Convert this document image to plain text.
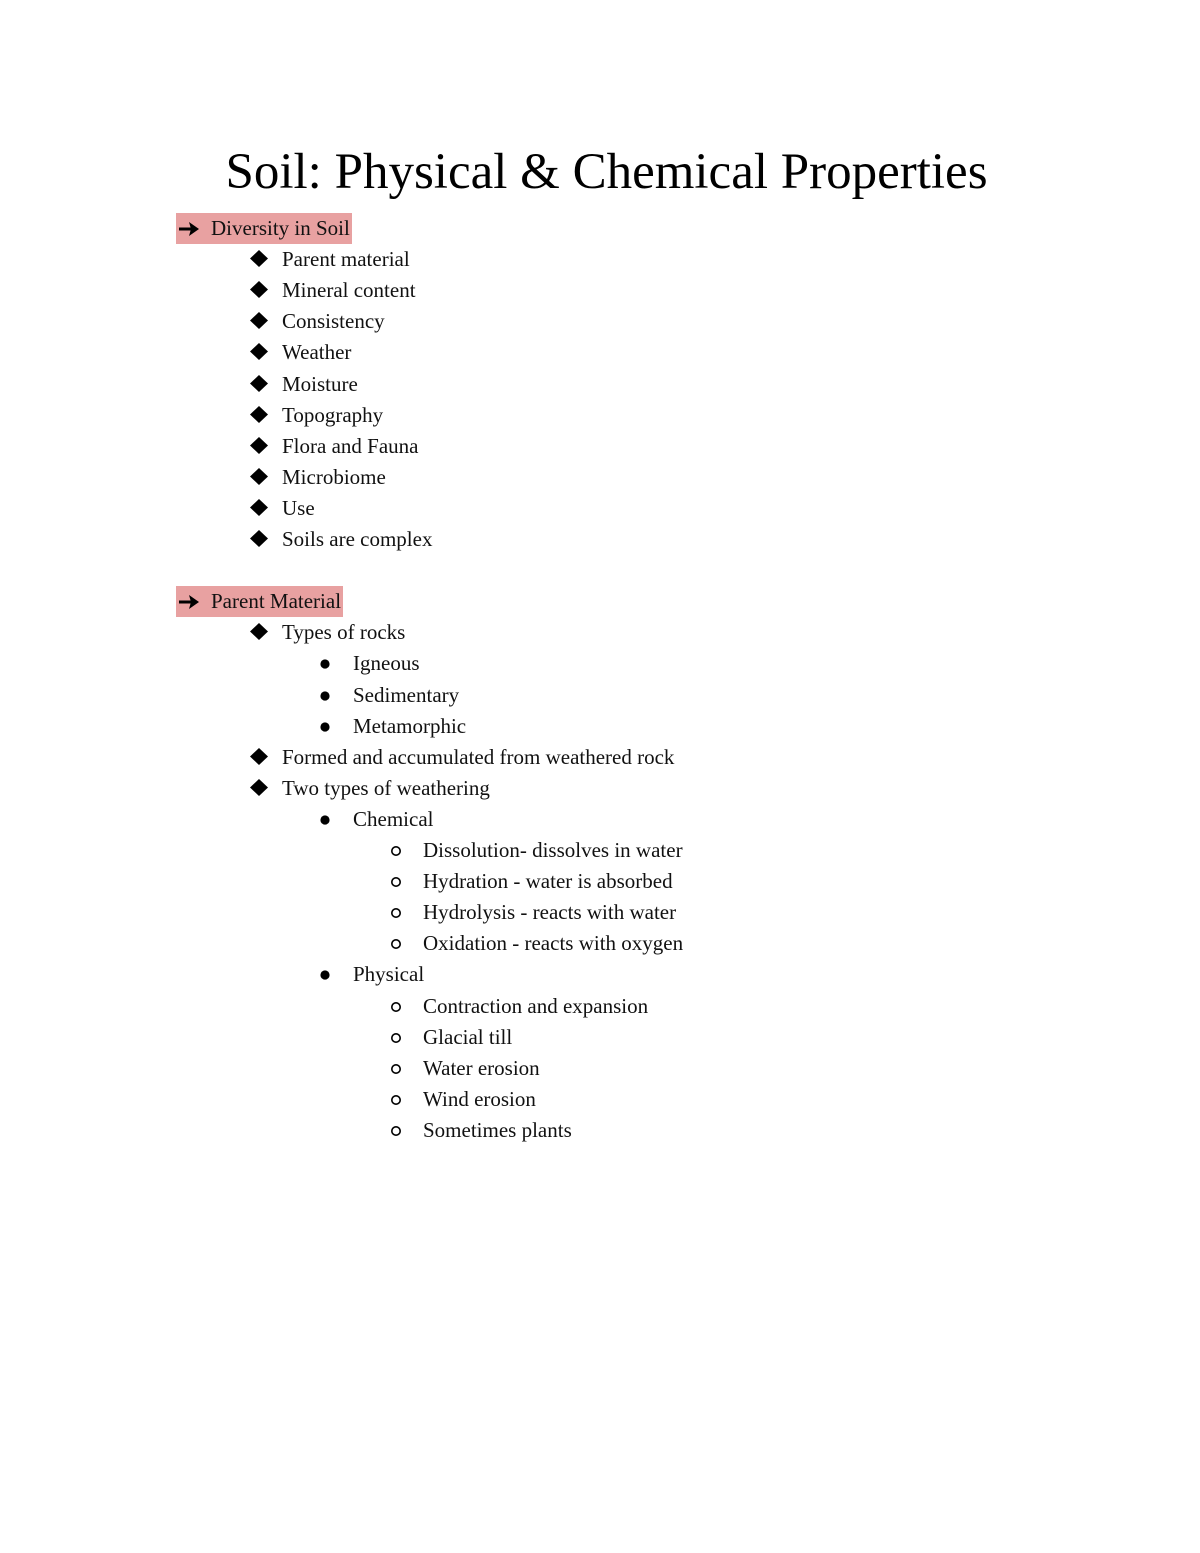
Soil: Physical & Chemical Properties
Diversity in Soil
Parent material
Mineral content
Consistency
Weather
Moisture
Topography
Flora and Fauna
Microbiome
Use
Soils are complex
Parent Material
Types of rocks
Igneous
Sedimentary
Metamorphic
Formed and accumulated from weathered rock
Two types of weathering
Chemical
Dissolution- dissolves in water
Hydration - water is absorbed
Hydrolysis - reacts with water
Oxidation - reacts with oxygen
Physical
Contraction and expansion
Glacial till
Water erosion
Wind erosion
Sometimes plants
